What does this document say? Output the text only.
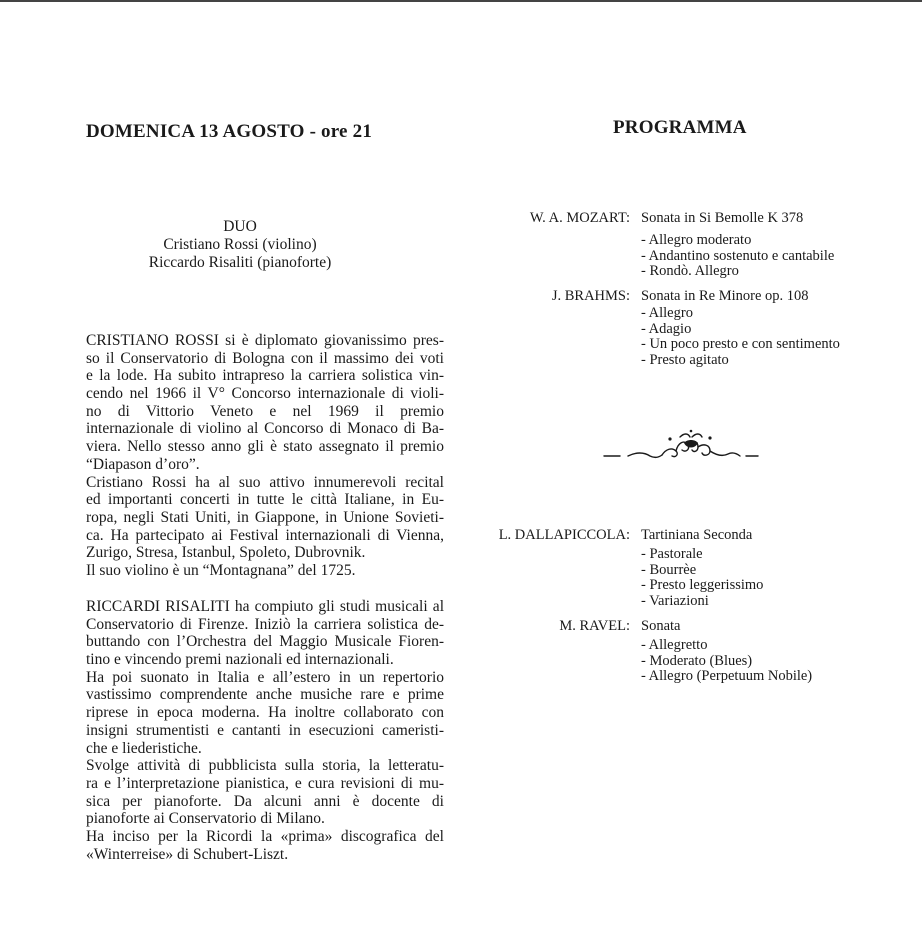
DOMENICA 13 AGOSTO - ore 21
DUO
Cristiano Rossi (violino)
Riccardo Risaliti (pianoforte)
CRISTIANO ROSSI si è diplomato giovanissimo pres-
so il Conservatorio di Bologna con il massimo dei voti
e la lode. Ha subito intrapreso la carriera solistica vin-
cendo nel 1966 il V° Concorso internazionale di violi-
no di Vittorio Veneto e nel 1969 il premio
internazionale di violino al Concorso di Monaco di Ba-
viera. Nello stesso anno gli è stato assegnato il premio
“Diapason d’oro”.
Cristiano Rossi ha al suo attivo innumerevoli recital
ed importanti concerti in tutte le città Italiane, in Eu-
ropa, negli Stati Uniti, in Giappone, in Unione Sovieti-
ca. Ha partecipato ai Festival internazionali di Vienna,
Zurigo, Stresa, Istanbul, Spoleto, Dubrovnik.
Il suo violino è un “Montagnana” del 1725.
RICCARDI RISALITI ha compiuto gli studi musicali al
Conservatorio di Firenze. Iniziò la carriera solistica de-
buttando con l’Orchestra del Maggio Musicale Fioren-
tino e vincendo premi nazionali ed internazionali.
Ha poi suonato in Italia e all’estero in un repertorio
vastissimo comprendente anche musiche rare e prime
riprese in epoca moderna. Ha inoltre collaborato con
insigni strumentisti e cantanti in esecuzioni cameristi-
che e liederistiche.
Svolge attività di pubblicista sulla storia, la letteratu-
ra e l’interpretazione pianistica, e cura revisioni di mu-
sica per pianoforte. Da alcuni anni è docente di
pianoforte ai Conservatorio di Milano.
Ha inciso per la Ricordi la «prima» discografica del
«Winterreise» di Schubert-Liszt.
PROGRAMMA
W. A. MOZART: Sonata in Si Bemolle K 378
- Allegro moderato
- Andantino sostenuto e cantabile
- Rondò. Allegro
J. BRAHMS: Sonata in Re Minore op. 108
- Allegro
- Adagio
- Un poco presto e con sentimento
- Presto agitato
L. DALLAPICCOLA: Tartiniana Seconda
- Pastorale
- Bourrèe
- Presto leggerissimo
- Variazioni
M. RAVEL: Sonata
- Allegretto
- Moderato (Blues)
- Allegro (Perpetuum Nobile)
